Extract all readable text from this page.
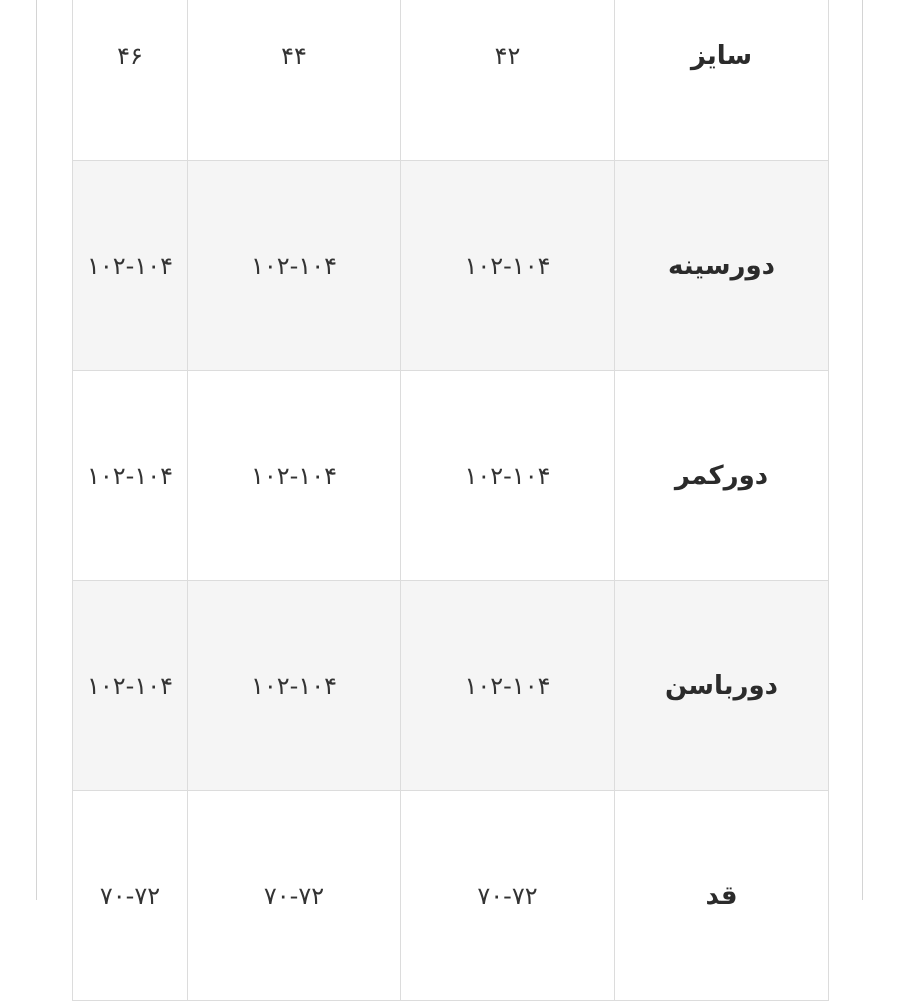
۴۶	۴۴	۴۲	سایز
۱۰۲-۱۰۴	۱۰۲-۱۰۴	۱۰۲-۱۰۴	دورسینه
۱۰۲-۱۰۴	۱۰۲-۱۰۴	۱۰۲-۱۰۴	دورکمر
۱۰۲-۱۰۴	۱۰۲-۱۰۴	۱۰۲-۱۰۴	دورباسن
۷۰-۷۲	۷۰-۷۲	۷۰-۷۲	قد
